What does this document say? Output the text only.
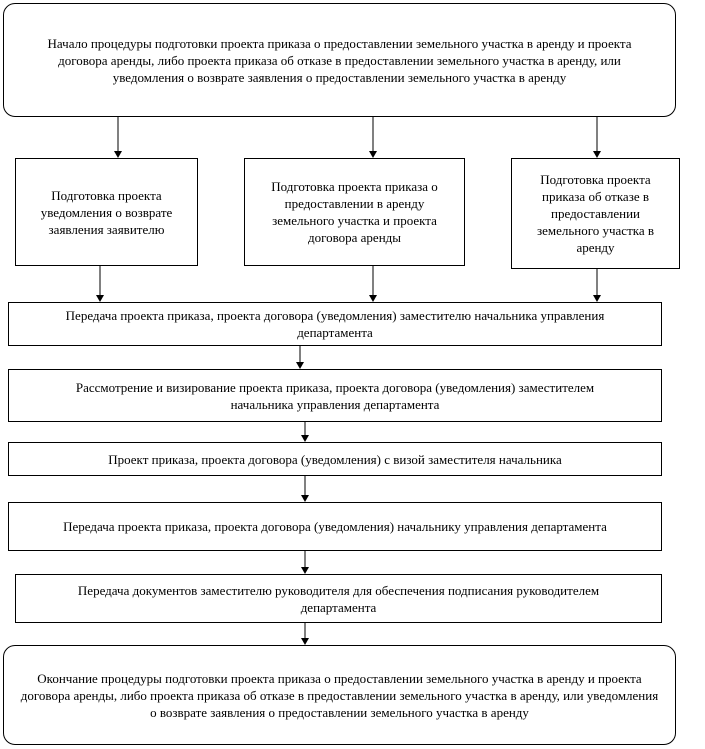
Начало процедуры подготовки проекта приказа о предоставлении земельного участка в аренду и проекта договора аренды, либо проекта приказа об отказе в предоставлении земельного участка в аренду, или уведомления о возврате заявления о предоставлении земельного участка в аренду
Подготовка проекта уведомления о возврате заявления заявителю
Подготовка проекта приказа о предоставлении в аренду земельного участка и проекта договора аренды
Подготовка проекта приказа об отказе в предоставлении земельного участка в аренду
Передача проекта приказа, проекта договора (уведомления) заместителю начальника управления департамента
Рассмотрение и визирование проекта приказа, проекта договора (уведомления) заместителем начальника управления департамента
Проект приказа, проекта договора (уведомления) с визой заместителя начальника
Передача проекта приказа, проекта договора (уведомления) начальнику управления департамента
Передача документов заместителю руководителя для обеспечения подписания руководителем департамента
Окончание процедуры подготовки проекта приказа о предоставлении земельного участка в аренду и проекта договора аренды, либо проекта приказа об отказе в предоставлении земельного участка в аренду, или уведомления о возврате заявления о предоставлении земельного участка в аренду
